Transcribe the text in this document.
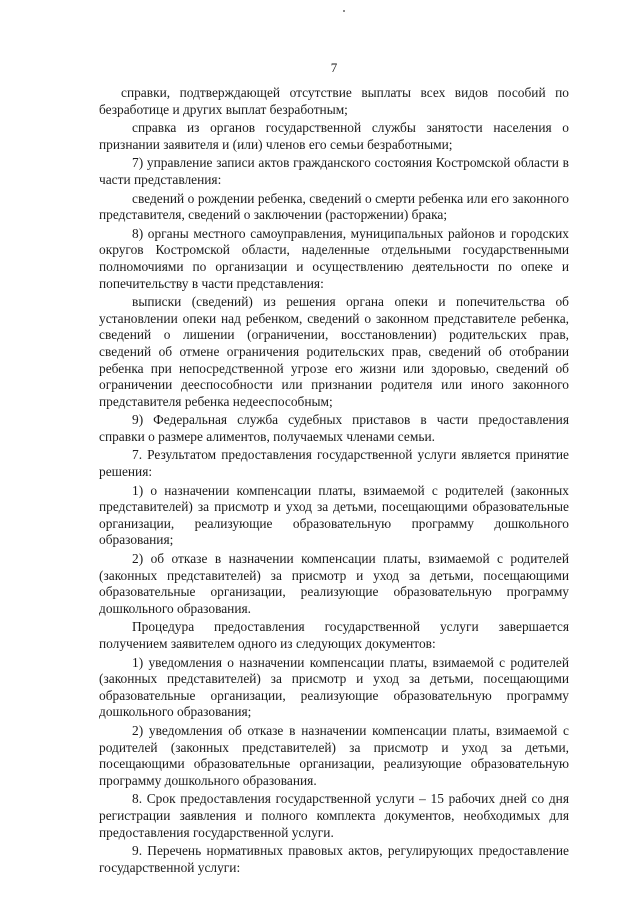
7

справки, подтверждающей отсутствие выплаты всех видов пособий по безработице и других выплат безработным;

справка из органов государственной службы занятости населения о признании заявителя и (или) членов его семьи безработными;

7) управление записи актов гражданского состояния Костромской области в части представления:

сведений о рождении ребенка, сведений о смерти ребенка или его законного представителя, сведений о заключении (расторжении) брака;

8) органы местного самоуправления, муниципальных районов и городских округов Костромской области, наделенные отдельными государственными полномочиями по организации и осуществлению деятельности по опеке и попечительству в части представления:

выписки (сведений) из решения органа опеки и попечительства об установлении опеки над ребенком, сведений о законном представителе ребенка, сведений о лишении (ограничении, восстановлении) родительских прав, сведений об отмене ограничения родительских прав, сведений об отобрании ребенка при непосредственной угрозе его жизни или здоровью, сведений об ограничении дееспособности или признании родителя или иного законного представителя ребенка недееспособным;

9) Федеральная служба судебных приставов в части предоставления справки о размере алиментов, получаемых членами семьи.

7. Результатом предоставления государственной услуги является принятие решения:

1) о назначении компенсации платы, взимаемой с родителей (законных представителей) за присмотр и уход за детьми, посещающими образовательные организации, реализующие образовательную программу дошкольного образования;

2) об отказе в назначении компенсации платы, взимаемой с родителей (законных представителей) за присмотр и уход за детьми, посещающими образовательные организации, реализующие образовательную программу дошкольного образования.

Процедура предоставления государственной услуги завершается получением заявителем одного из следующих документов:

1) уведомления о назначении компенсации платы, взимаемой с родителей (законных представителей) за присмотр и уход за детьми, посещающими образовательные организации, реализующие образовательную программу дошкольного образования;

2) уведомления об отказе в назначении компенсации платы, взимаемой с родителей (законных представителей) за присмотр и уход за детьми, посещающими образовательные организации, реализующие образовательную программу дошкольного образования.

8. Срок предоставления государственной услуги – 15 рабочих дней со дня регистрации заявления и полного комплекта документов, необходимых для предоставления государственной услуги.

9. Перечень нормативных правовых актов, регулирующих предоставление государственной услуги:
